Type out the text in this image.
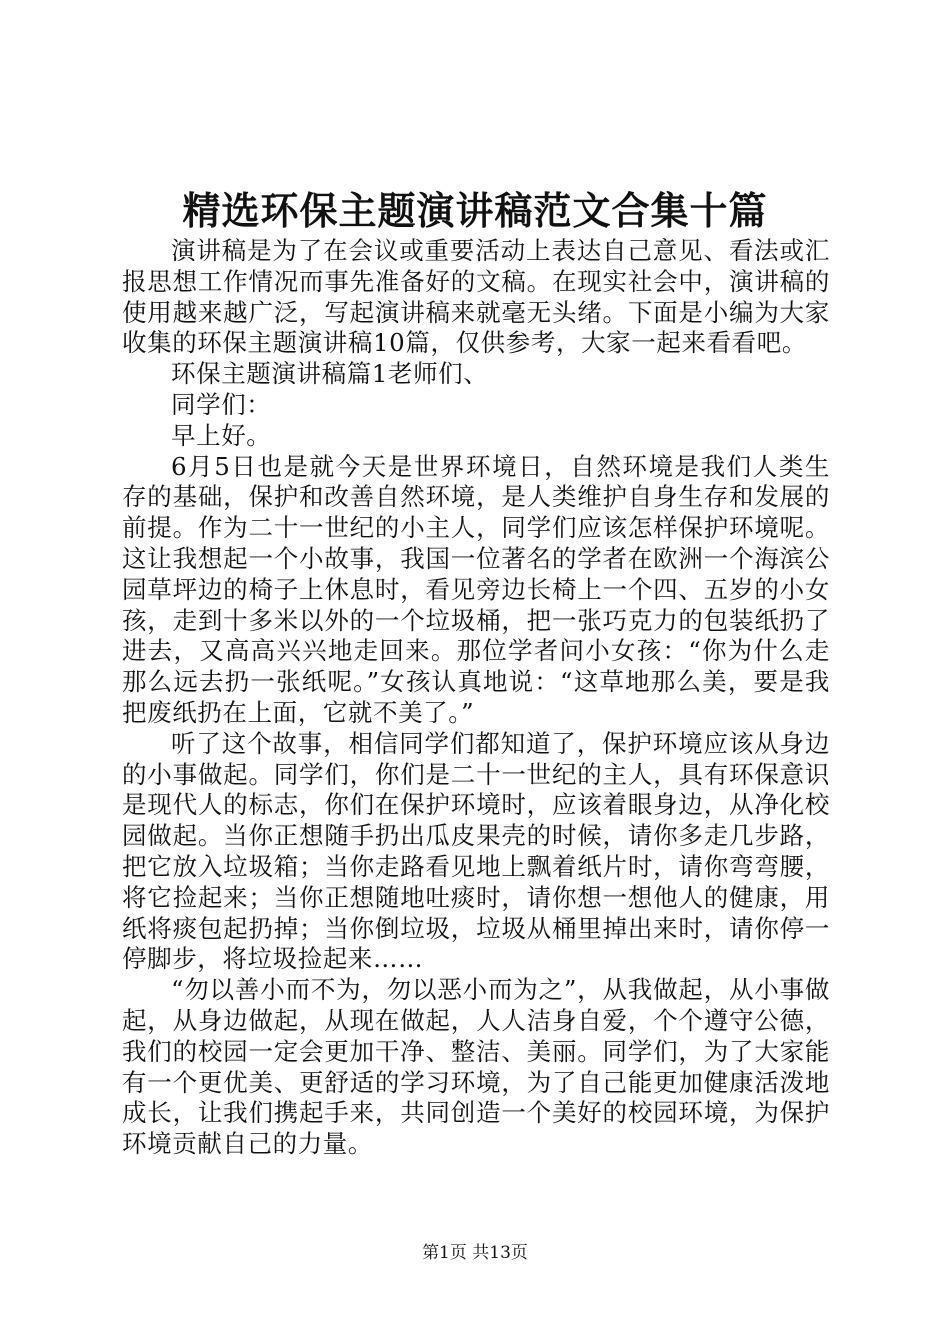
精选环保主题演讲稿范文合集十篇

演讲稿是为了在会议或重要活动上表达自己意见、看法或汇报思想工作情况而事先准备好的文稿。在现实社会中，演讲稿的使用越来越广泛，写起演讲稿来就毫无头绪。下面是小编为大家收集的环保主题演讲稿10篇，仅供参考，大家一起来看看吧。

环保主题演讲稿篇1老师们、

同学们：

早上好。

6月5日也是就今天是世界环境日，自然环境是我们人类生存的基础，保护和改善自然环境，是人类维护自身生存和发展的前提。作为二十一世纪的小主人，同学们应该怎样保护环境呢。这让我想起一个小故事，我国一位著名的学者在欧洲一个海滨公园草坪边的椅子上休息时，看见旁边长椅上一个四、五岁的小女孩，走到十多米以外的一个垃圾桶，把一张巧克力的包装纸扔了进去，又高高兴兴地走回来。那位学者问小女孩：“你为什么走那么远去扔一张纸呢。”女孩认真地说：“这草地那么美，要是我把废纸扔在上面，它就不美了。”

听了这个故事，相信同学们都知道了，保护环境应该从身边的小事做起。同学们，你们是二十一世纪的主人，具有环保意识是现代人的标志，你们在保护环境时，应该着眼身边，从净化校园做起。当你正想随手扔出瓜皮果壳的时候，请你多走几步路，把它放入垃圾箱；当你走路看见地上飘着纸片时，请你弯弯腰，将它捡起来；当你正想随地吐痰时，请你想一想他人的健康，用纸将痰包起扔掉；当你倒垃圾，垃圾从桶里掉出来时，请你停一停脚步，将垃圾捡起来……

“勿以善小而不为，勿以恶小而为之”，从我做起，从小事做起，从身边做起，从现在做起，人人洁身自爱，个个遵守公德，我们的校园一定会更加干净、整洁、美丽。同学们，为了大家能有一个更优美、更舒适的学习环境，为了自己能更加健康活泼地成长，让我们携起手来，共同创造一个美好的校园环境，为保护环境贡献自己的力量。

第1页 共13页
